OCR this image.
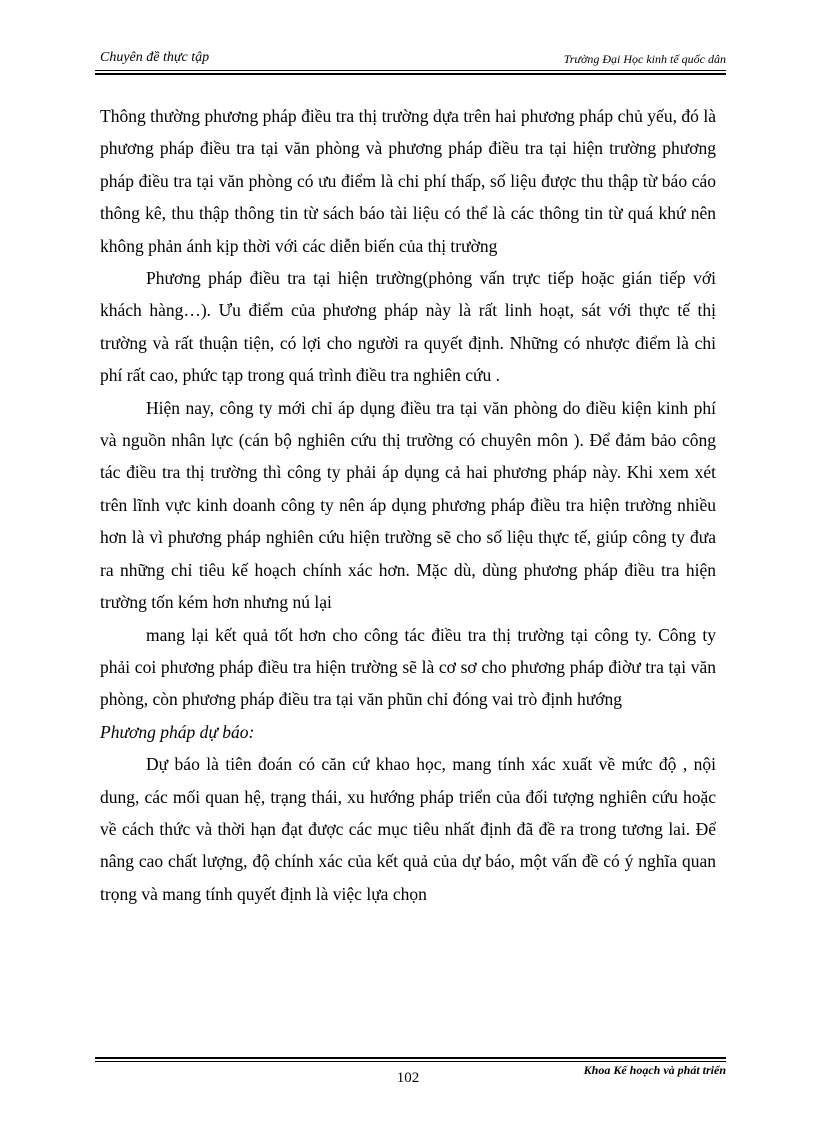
Chuyên đề thực tập	Trường Đại Học kinh tế quốc dân

Thông thường phương pháp điều tra thị trường dựa trên hai phương pháp chủ yếu, đó là phương pháp điều tra tại văn phòng và phương pháp điều tra tại hiện trường phương pháp điều tra tại văn phòng có ưu điểm là chi phí thấp, số liệu được thu thập từ báo cáo thông kê, thu thập thông tin từ sách báo tài liệu có thể là các thông tin từ quá khứ nên không phản ánh kịp thời với các diễn biến của thị trường

Phương pháp điều tra tại hiện trường(phỏng vấn trực tiếp hoặc gián tiếp với khách hàng…). Ưu điểm của phương pháp này là rất linh hoạt, sát với thực tế thị trường và rất thuận tiện, có lợi cho người ra quyết định. Những có nhược điểm là chi phí rất cao, phức tạp trong quá trình điều tra nghiên cứu .

Hiện nay, công ty mới chỉ áp dụng điều tra tại văn phòng do điều kiện kinh phí và nguồn nhân lực (cán bộ nghiên cứu thị trường có chuyên môn ). Để đảm bảo công tác điều tra thị trường thì công ty phải áp dụng cả hai phương pháp này. Khi xem xét trên lĩnh vực kinh doanh công ty nên áp dụng phương pháp điều tra hiện trường nhiều hơn là vì phương pháp nghiên cứu hiện trường sẽ cho số liệu thực tế, giúp công ty đưa ra những chỉ tiêu kế hoạch chính xác hơn. Mặc dù, dùng phương pháp điều tra hiện trường tốn kém hơn nhưng nú lại

mang lại kết quả tốt hơn cho công tác điều tra thị trường tại công ty. Công ty phải coi phương pháp điều tra hiện trường sẽ là cơ sơ cho phương pháp điờư tra tại văn phòng, còn phương pháp điều tra tại văn phũn chỉ đóng vai trò định hướng

Phương pháp dự báo:

Dự báo là tiên đoán có căn cứ khao học, mang tính xác xuất về mức độ , nội dung, các mối quan hệ, trạng thái, xu hướng pháp triển của đối tượng nghiên cứu hoặc về cách thức và thời hạn đạt được các mục tiêu nhất định đã đề ra trong tương lai. Để nâng cao chất lượng, độ chính xác của kết quả của dự báo, một vấn đề có ý nghĩa quan trọng và mang tính quyết định là việc lựa chọn

Khoa Kế hoạch và phát triển
102
